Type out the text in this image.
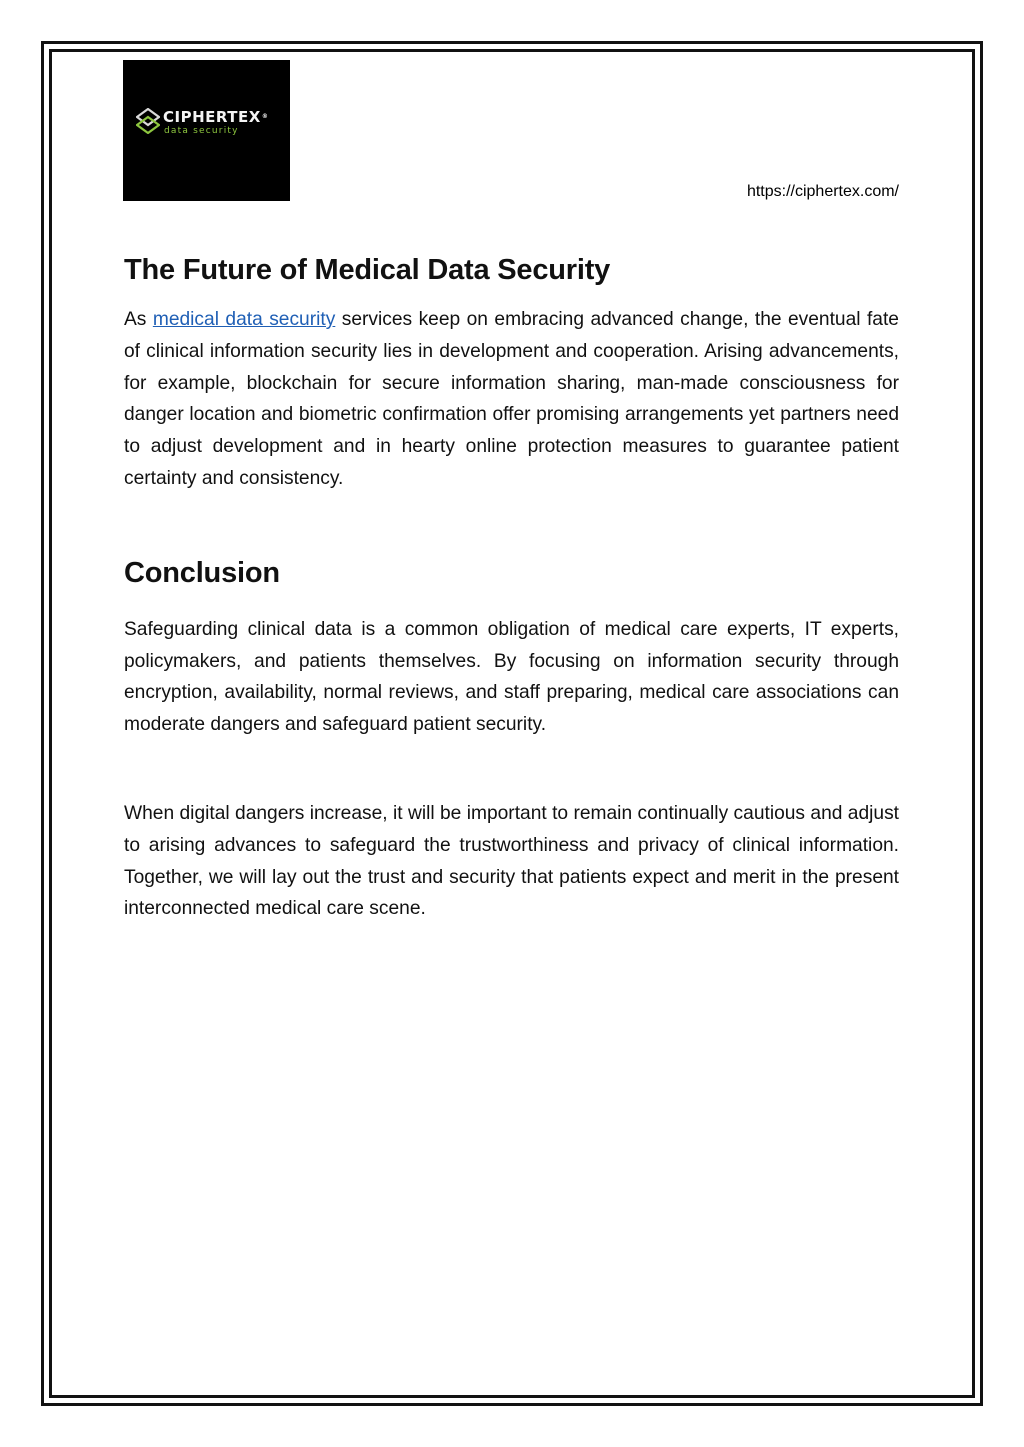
CIPHERTEX®
data security
https://ciphertex.com/
The Future of Medical Data Security

As medical data security services keep on embracing advanced change, the eventual fate of clinical information security lies in development and cooperation. Arising advancements, for example, blockchain for secure information sharing, man-made consciousness for danger location and biometric confirmation offer promising arrangements yet partners need to adjust development and in hearty online protection measures to guarantee patient certainty and consistency.

Conclusion

Safeguarding clinical data is a common obligation of medical care experts, IT experts, policymakers, and patients themselves. By focusing on information security through encryption, availability, normal reviews, and staff preparing, medical care associations can moderate dangers and safeguard patient security.

When digital dangers increase, it will be important to remain continually cautious and adjust to arising advances to safeguard the trustworthiness and privacy of clinical information. Together, we will lay out the trust and security that patients expect and merit in the present interconnected medical care scene.
